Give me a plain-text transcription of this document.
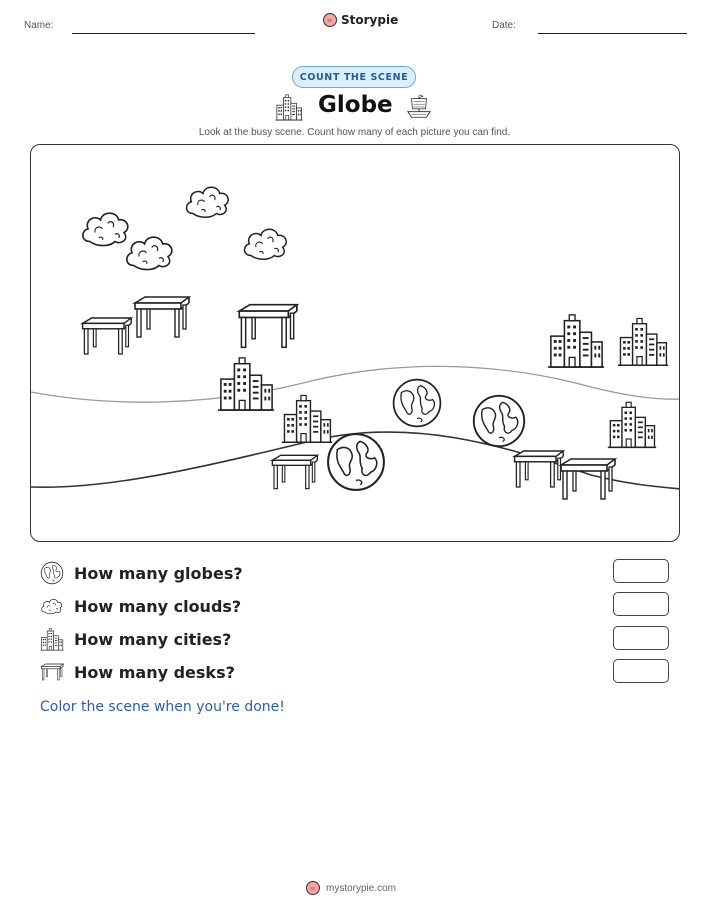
Name:	Storypie	Date:
COUNT THE SCENE
Globe
Look at the busy scene. Count how many of each picture you can find.
How many globes?
How many clouds?
How many cities?
How many desks?
Color the scene when you're done!
mystorypie.com
